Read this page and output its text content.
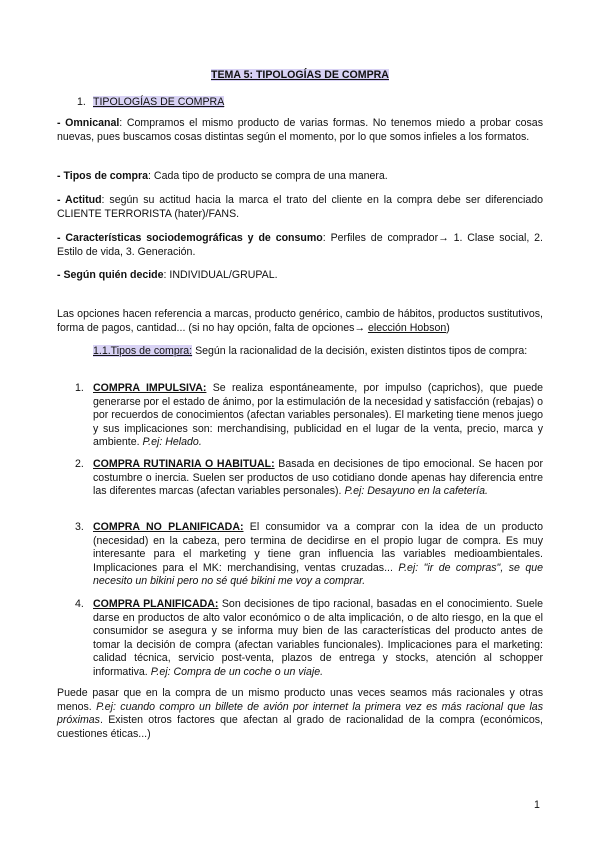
TEMA 5: TIPOLOGÍAS DE COMPRA
1. TIPOLOGÍAS DE COMPRA
- Omnicanal: Compramos el mismo producto de varias formas. No tenemos miedo a probar cosas nuevas, pues buscamos cosas distintas según el momento, por lo que somos infieles a los formatos.
- Tipos de compra: Cada tipo de producto se compra de una manera.
- Actitud: según su actitud hacia la marca el trato del cliente en la compra debe ser diferenciado CLIENTE TERRORISTA (hater)/FANS.
- Características sociodemográficas y de consumo: Perfiles de comprador→ 1. Clase social, 2. Estilo de vida, 3. Generación.
- Según quién decide: INDIVIDUAL/GRUPAL.
Las opciones hacen referencia a marcas, producto genérico, cambio de hábitos, productos sustitutivos, forma de pagos, cantidad... (si no hay opción, falta de opciones→ elección Hobson)
1.1.Tipos de compra: Según la racionalidad de la decisión, existen distintos tipos de compra:
1. COMPRA IMPULSIVA: Se realiza espontáneamente, por impulso (caprichos), que puede generarse por el estado de ánimo, por la estimulación de la necesidad y satisfacción (rebajas) o por recuerdos de conocimientos (afectan variables personales). El marketing tiene menos juego y sus implicaciones son: merchandising, publicidad en el lugar de la venta, precio, marca y ambiente. P.ej: Helado.
2. COMPRA RUTINARIA O HABITUAL: Basada en decisiones de tipo emocional. Se hacen por costumbre o inercia. Suelen ser productos de uso cotidiano donde apenas hay diferencia entre las diferentes marcas (afectan variables personales). P.ej: Desayuno en la cafetería.
3. COMPRA NO PLANIFICADA: El consumidor va a comprar con la idea de un producto (necesidad) en la cabeza, pero termina de decidirse en el propio lugar de compra. Es muy interesante para el marketing y tiene gran influencia las variables medioambientales. Implicaciones para el MK: merchandising, ventas cruzadas... P.ej: "ir de compras", se que necesito un bikini pero no sé qué bikini me voy a comprar.
4. COMPRA PLANIFICADA: Son decisiones de tipo racional, basadas en el conocimiento. Suele darse en productos de alto valor económico o de alta implicación, o de alto riesgo, en la que el consumidor se asegura y se informa muy bien de las características del producto antes de tomar la decisión de compra (afectan variables funcionales). Implicaciones para el marketing: calidad técnica, servicio post-venta, plazos de entrega y stocks, atención al schopper informativa. P.ej: Compra de un coche o un viaje.
Puede pasar que en la compra de un mismo producto unas veces seamos más racionales y otras menos. P.ej: cuando compro un billete de avión por internet la primera vez es más racional que las próximas. Existen otros factores que afectan al grado de racionalidad de la compra (económicos, cuestiones éticas...)
1
